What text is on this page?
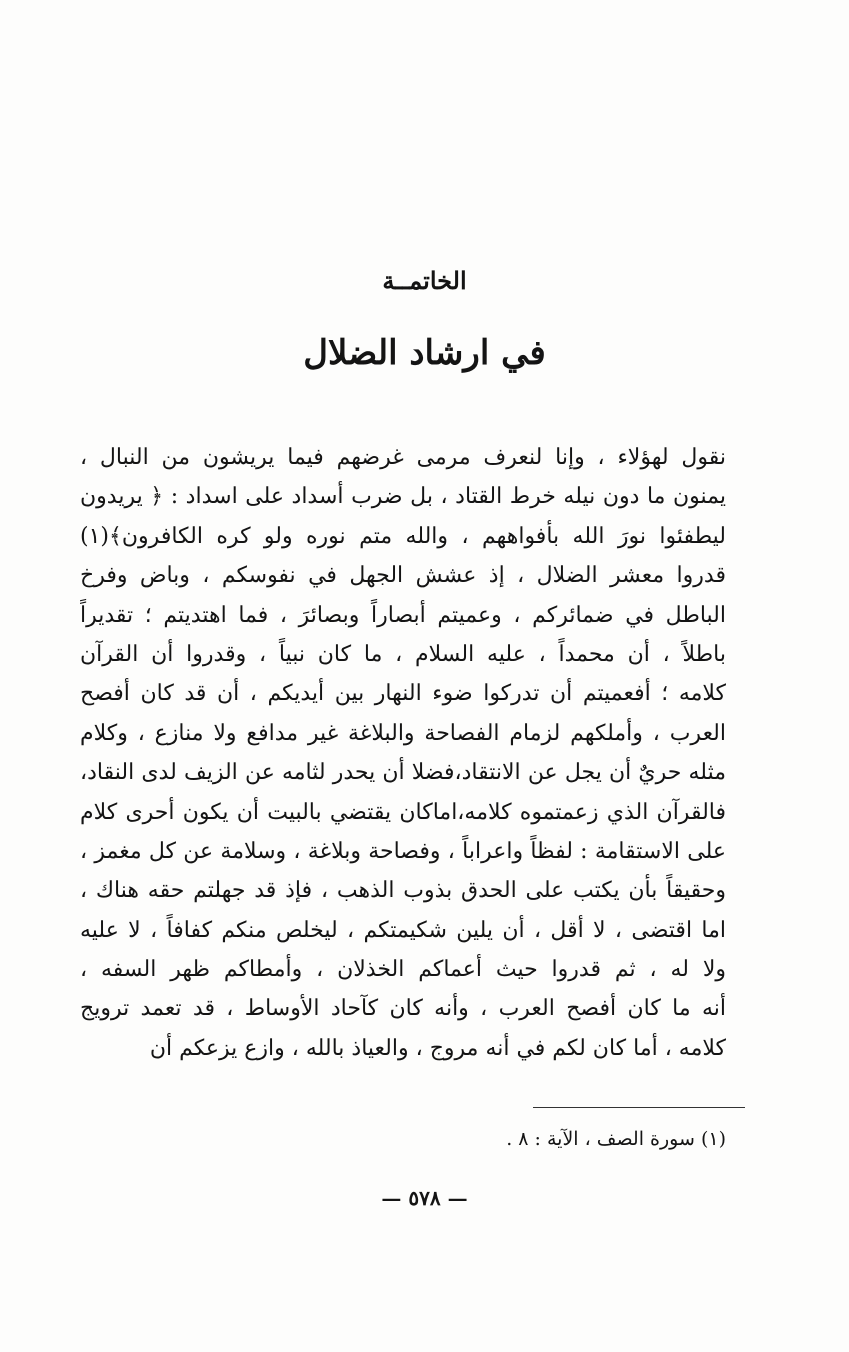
الخاتمــة
في ارشاد الضلال
نقول لهؤلاء ، وإنا لنعرف مرمى غرضهم فيما يريشون من النبال ،
يمنون ما دون نيله خرط القتاد ، بل ضرب أسداد على اسداد : ﴿ يريدون
ليطفئوا نورَ الله بأفواههم ، والله متم نوره ولو كره الكافرون﴾(١)
قدروا معشر الضلال ، إذ عشش الجهل في نفوسكم ، وباض وفرخ
الباطل في ضمائركم ، وعميتم أبصاراً وبصائرَ ، فما اهتديتم ؛ تقديراً
باطلاً ، أن محمداً ، عليه السلام ، ما كان نبياً ، وقدروا أن القرآن
كلامه ؛ أفعميتم أن تدركوا ضوء النهار بين أيديكم ، أن قد كان أفصح
العرب ، وأملكهم لزمام الفصاحة والبلاغة غير مدافع ولا منازع ، وكلام
مثله حريٌ أن يجل عن الانتقاد،فضلا أن يحدر لثامه عن الزيف لدى النقاد،
فالقرآن الذي زعمتموه كلامه،اماكان يقتضي بالبيت أن يكون أحرى كلام
على الاستقامة : لفظاً واعراباً ، وفصاحة وبلاغة ، وسلامة عن كل مغمز ،
وحقيقاً بأن يكتب على الحدق بذوب الذهب ، فإذ قد جهلتم حقه هناك ،
اما اقتضى ، لا أقل ، أن يلين شكيمتكم ، ليخلص منكم كفافاً ، لا عليه
ولا له ، ثم قدروا حيث أعماكم الخذلان ، وأمطاكم ظهر السفه ،
أنه ما كان أفصح العرب ، وأنه كان كآحاد الأوساط ، قد تعمد ترويج
كلامه ، أما كان لكم في أنه مروج ، والعياذ بالله ، وازع يزعكم أن
(١) سورة الصف ، الآية : ٨ .
— ٥٧٨ —
